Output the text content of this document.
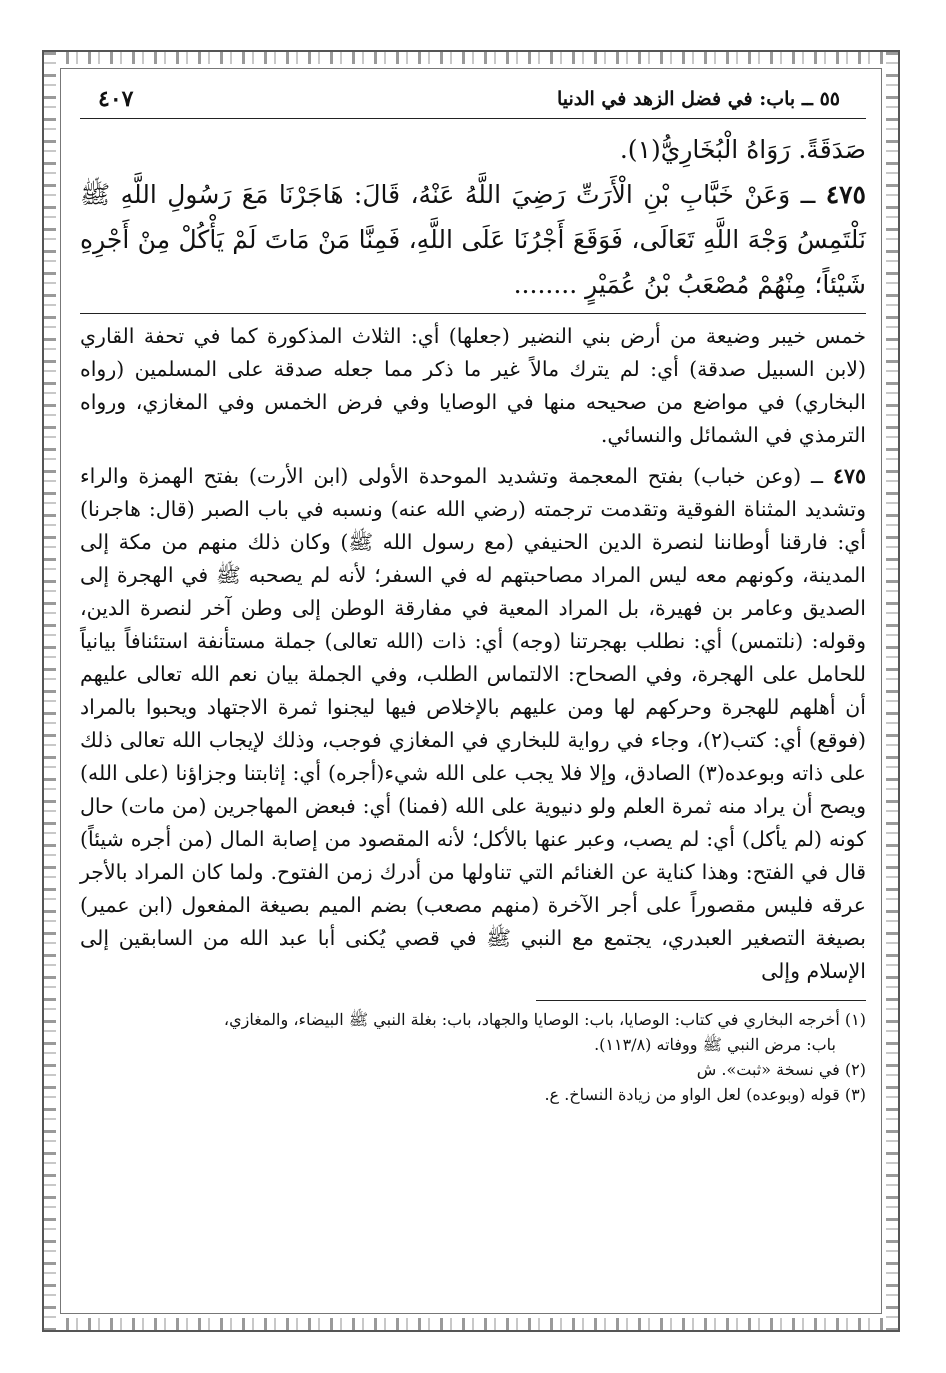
٥٥ ــ باب: في فضل الزهد في الدنيا
٤٠٧

صَدَقَةً. رَوَاهُ الْبُخَارِيُّ(١).

٤٧٥ ــ وَعَنْ خَبَّابِ بْنِ الْأَرَتِّ رَضِيَ اللَّهُ عَنْهُ، قَالَ: هَاجَرْنَا مَعَ رَسُولِ اللَّهِ ﷺ نَلْتَمِسُ وَجْهَ اللَّهِ تَعَالَى، فَوَقَعَ أَجْرُنَا عَلَى اللَّهِ، فَمِنَّا مَنْ مَاتَ لَمْ يَأْكُلْ مِنْ أَجْرِهِ شَيْئاً؛ مِنْهُمْ مُصْعَبُ بْنُ عُمَيْرٍ ........

خمس خيبر وضيعة من أرض بني النضير (جعلها) أي: الثلاث المذكورة كما في تحفة القاري (لابن السبيل صدقة) أي: لم يترك مالاً غير ما ذكر مما جعله صدقة على المسلمين (رواه البخاري) في مواضع من صحيحه منها في الوصايا وفي فرض الخمس وفي المغازي، ورواه الترمذي في الشمائل والنسائي.

٤٧٥ ــ (وعن خباب) بفتح المعجمة وتشديد الموحدة الأولى (ابن الأرت) بفتح الهمزة والراء وتشديد المثناة الفوقية وتقدمت ترجمته (رضي الله عنه) ونسبه في باب الصبر (قال: هاجرنا) أي: فارقنا أوطاننا لنصرة الدين الحنيفي (مع رسول الله ﷺ) وكان ذلك منهم من مكة إلى المدينة، وكونهم معه ليس المراد مصاحبتهم له في السفر؛ لأنه لم يصحبه ﷺ في الهجرة إلى الصديق وعامر بن فهيرة، بل المراد المعية في مفارقة الوطن إلى وطن آخر لنصرة الدين، وقوله: (نلتمس) أي: نطلب بهجرتنا (وجه) أي: ذات (الله تعالى) جملة مستأنفة استئنافاً بيانياً للحامل على الهجرة، وفي الصحاح: الالتماس الطلب، وفي الجملة بيان نعم الله تعالى عليهم أن أهلهم للهجرة وحركهم لها ومن عليهم بالإخلاص فيها ليجنوا ثمرة الاجتهاد ويحبوا بالمراد (فوقع) أي: كتب(٢)، وجاء في رواية للبخاري في المغازي فوجب، وذلك لإيجاب الله تعالى ذلك على ذاته وبوعده(٣) الصادق، وإلا فلا يجب على الله شيء(أجره) أي: إثابتنا وجزاؤنا (على الله) ويصح أن يراد منه ثمرة العلم ولو دنيوية على الله (فمنا) أي: فبعض المهاجرين (من مات) حال كونه (لم يأكل) أي: لم يصب، وعبر عنها بالأكل؛ لأنه المقصود من إصابة المال (من أجره شيئاً) قال في الفتح: وهذا كناية عن الغنائم التي تناولها من أدرك زمن الفتوح. ولما كان المراد بالأجر عرقه فليس مقصوراً على أجر الآخرة (منهم مصعب) بضم الميم بصيغة المفعول (ابن عمير) بصيغة التصغير العبدري، يجتمع مع النبي ﷺ في قصي يُكنى أبا عبد الله من السابقين إلى الإسلام وإلى

(١) أخرجه البخاري في كتاب: الوصايا، باب: الوصايا والجهاد، باب: بغلة النبي ﷺ البيضاء، والمغازي،

باب: مرض النبي ﷺ ووفاته (١١٣/٨).

(٢) في نسخة «ثبت». ش

(٣) قوله (وبوعده) لعل الواو من زيادة النساخ. ع.
